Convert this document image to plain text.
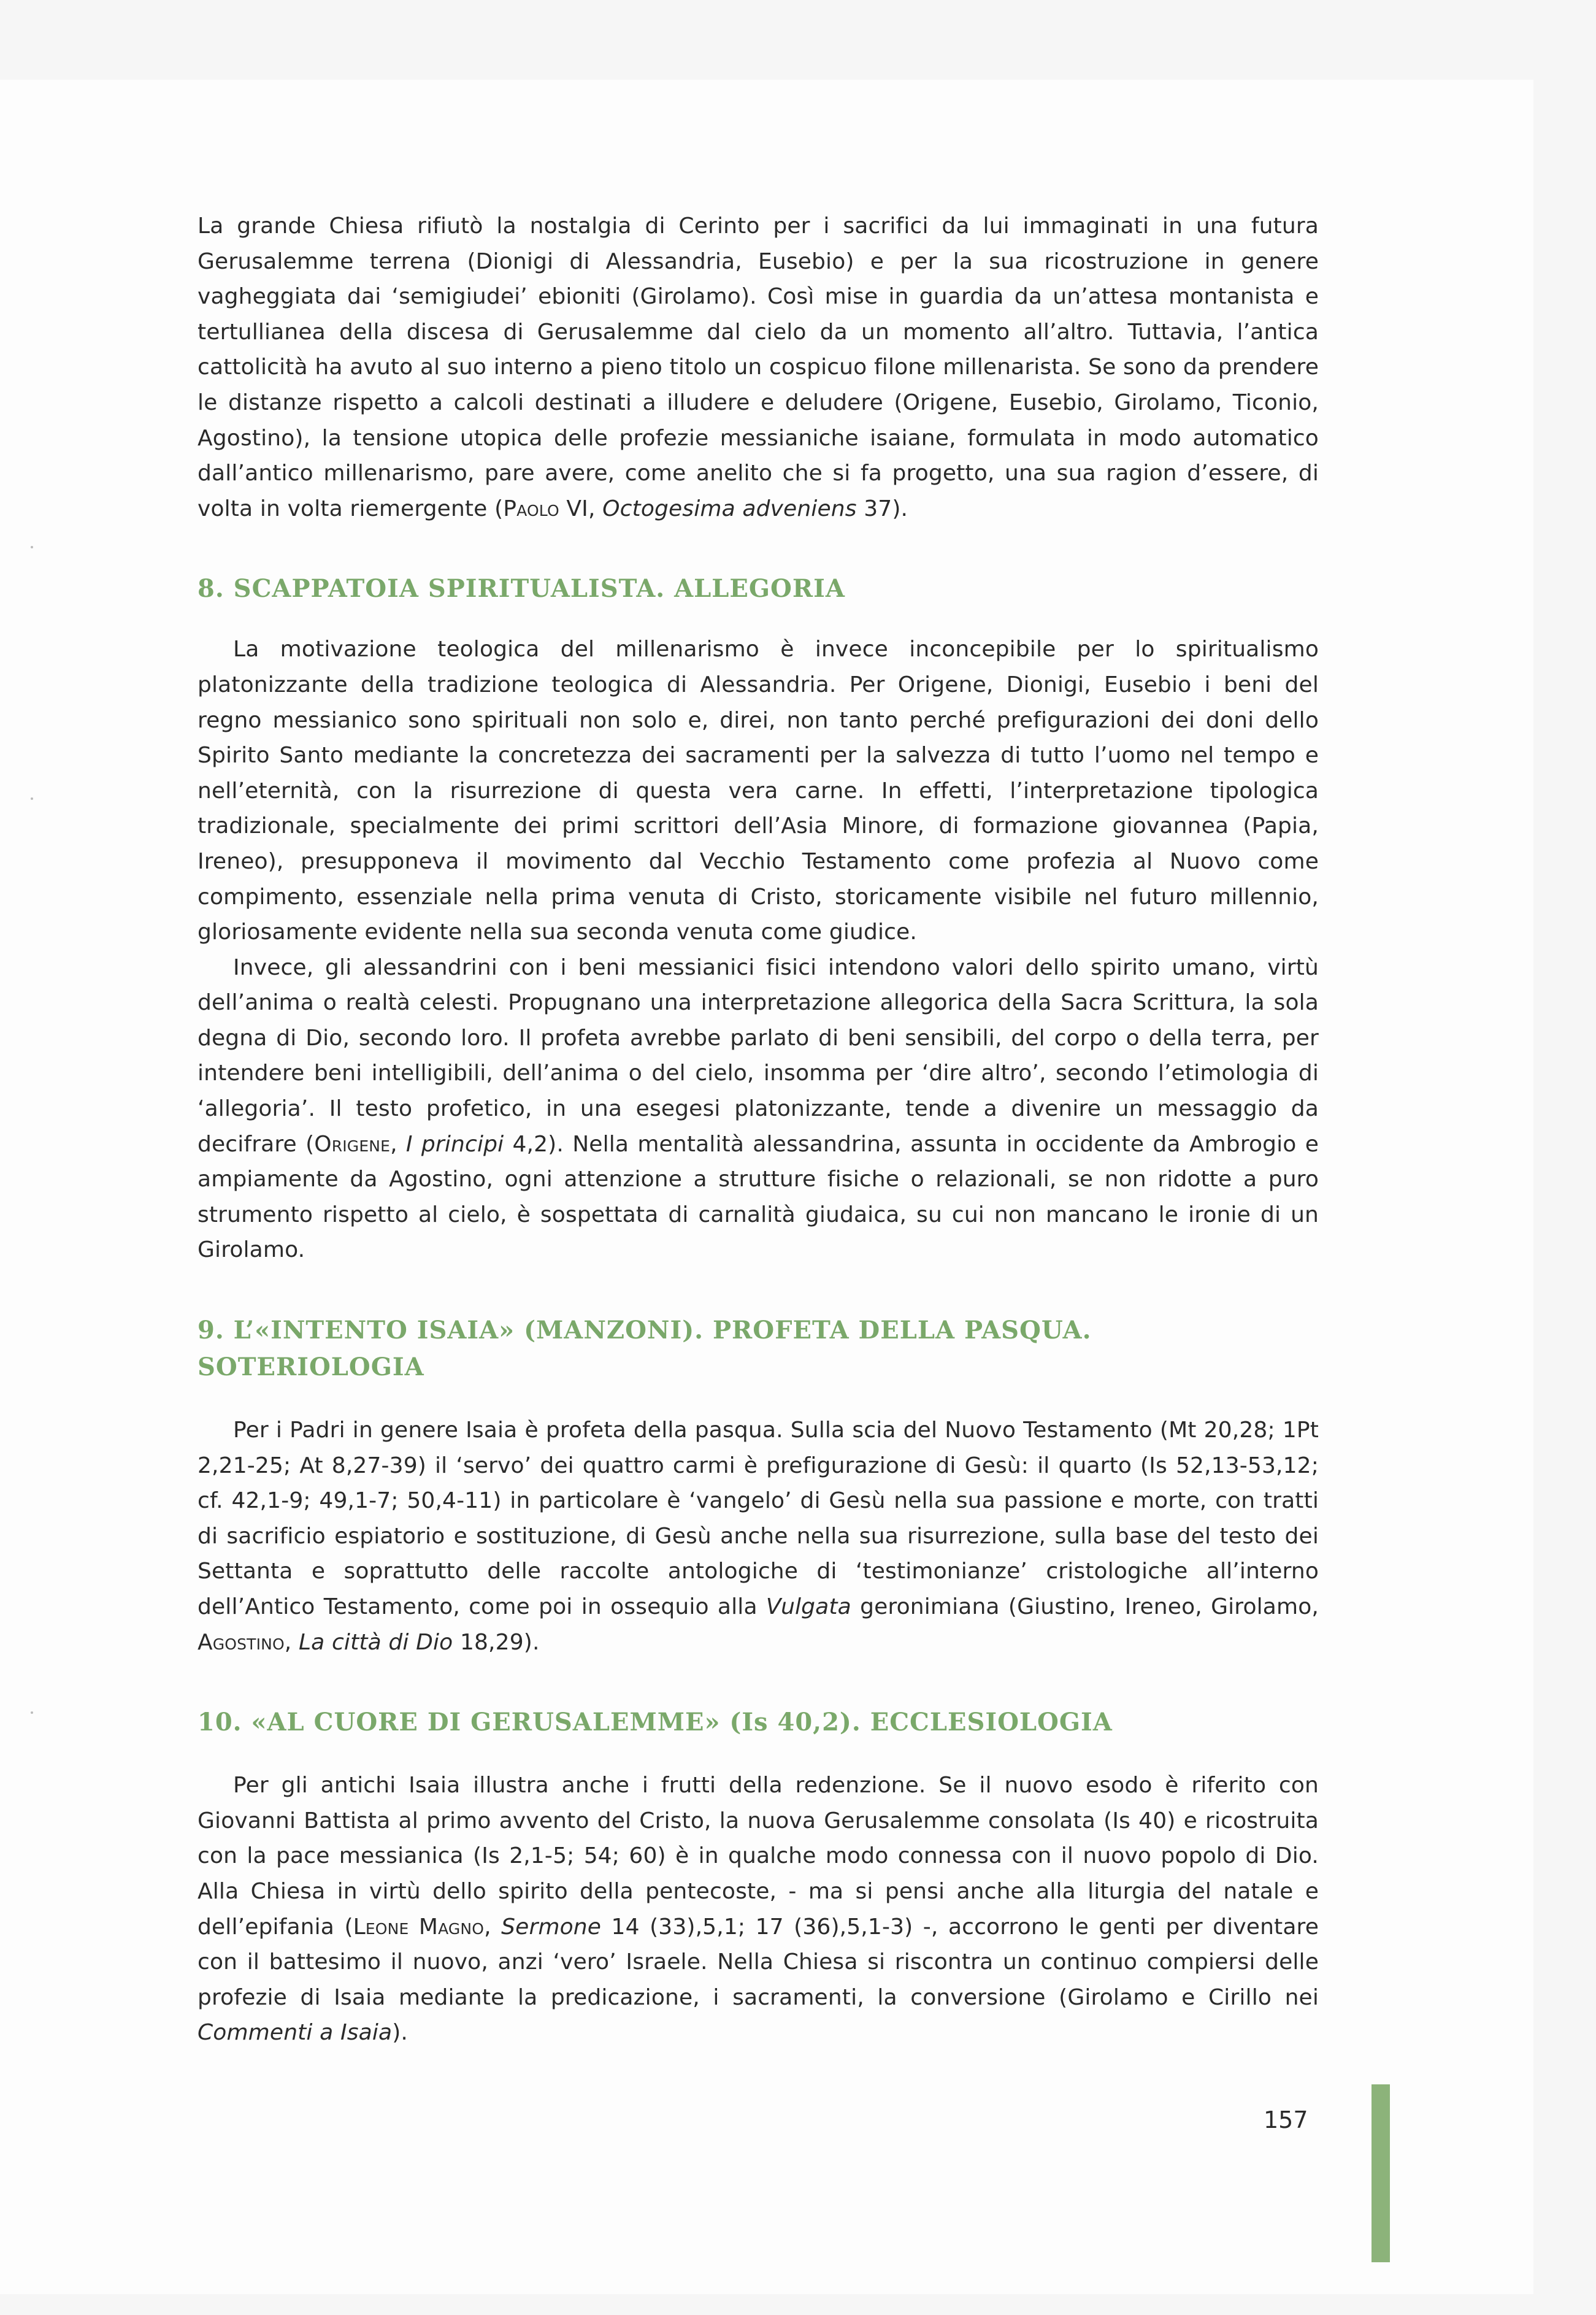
La grande Chiesa rifiutò la nostalgia di Cerinto per i sacrifici da lui immaginati in una futura Gerusalemme terrena (Dionigi di Alessandria, Eusebio) e per la sua ricostruzione in genere vagheggiata dai ‘semigiudei’ ebioniti (Girolamo). Così mise in guardia da un’attesa montanista e tertullianea della discesa di Gerusalemme dal cielo da un momento all’altro. Tuttavia, l’antica cattolicità ha avuto al suo interno a pieno titolo un cospicuo filone millenarista. Se sono da prendere le distanze rispetto a calcoli destinati a illudere e deludere (Origene, Eusebio, Girolamo, Ticonio, Agostino), la tensione utopica delle profezie messianiche isaiane, formulata in modo automatico dall’antico millenarismo, pare avere, come anelito che si fa progetto, una sua ragion d’essere, di volta in volta riemergente (Paolo VI, Octogesima adveniens 37).

8. SCAPPATOIA SPIRITUALISTA. ALLEGORIA

La motivazione teologica del millenarismo è invece inconcepibile per lo spiritualismo platonizzante della tradizione teologica di Alessandria. Per Origene, Dionigi, Eusebio i beni del regno messianico sono spirituali non solo e, direi, non tanto perché prefigurazioni dei doni dello Spirito Santo mediante la concretezza dei sacramenti per la salvezza di tutto l’uomo nel tempo e nell’eternità, con la risurrezione di questa vera carne. In effetti, l’interpretazione tipologica tradizionale, specialmente dei primi scrittori dell’Asia Minore, di formazione giovannea (Papia, Ireneo), presupponeva il movimento dal Vecchio Testamento come profezia al Nuovo come compimento, essenziale nella prima venuta di Cristo, storicamente visibile nel futuro millennio, gloriosamente evidente nella sua seconda venuta come giudice.

Invece, gli alessandrini con i beni messianici fisici intendono valori dello spirito umano, virtù dell’anima o realtà celesti. Propugnano una interpretazione allegorica della Sacra Scrittura, la sola degna di Dio, secondo loro. Il profeta avrebbe parlato di beni sensibili, del corpo o della terra, per intendere beni intelligibili, dell’anima o del cielo, insomma per ‘dire altro’, secondo l’etimologia di ‘allegoria’. Il testo profetico, in una esegesi platonizzante, tende a divenire un messaggio da decifrare (Origene, I principi 4,2). Nella mentalità alessandrina, assunta in occidente da Ambrogio e ampiamente da Agostino, ogni attenzione a strutture fisiche o relazionali, se non ridotte a puro strumento rispetto al cielo, è sospettata di carnalità giudaica, su cui non mancano le ironie di un Girolamo.

9. L’«INTENTO ISAIA» (MANZONI). PROFETA DELLA PASQUA. SOTERIOLOGIA

Per i Padri in genere Isaia è profeta della pasqua. Sulla scia del Nuovo Testamento (Mt 20,28; 1Pt 2,21-25; At 8,27-39) il ‘servo’ dei quattro carmi è prefigurazione di Gesù: il quarto (Is 52,13-53,12; cf. 42,1-9; 49,1-7; 50,4-11) in particolare è ‘vangelo’ di Gesù nella sua passione e morte, con tratti di sacrificio espiatorio e sostituzione, di Gesù anche nella sua risurrezione, sulla base del testo dei Settanta e soprattutto delle raccolte antologiche di ‘testimonianze’ cristologiche all’interno dell’Antico Testamento, come poi in ossequio alla Vulgata geronimiana (Giustino, Ireneo, Girolamo, Agostino, La città di Dio 18,29).

10. «AL CUORE DI GERUSALEMME» (Is 40,2). ECCLESIOLOGIA

Per gli antichi Isaia illustra anche i frutti della redenzione. Se il nuovo esodo è riferito con Giovanni Battista al primo avvento del Cristo, la nuova Gerusalemme consolata (Is 40) e ricostruita con la pace messianica (Is 2,1-5; 54; 60) è in qualche modo connessa con il nuovo popolo di Dio. Alla Chiesa in virtù dello spirito della pentecoste, - ma si pensi anche alla liturgia del natale e dell’epifania (Leone Magno, Sermone 14 (33),5,1; 17 (36),5,1-3) -, accorrono le genti per diventare con il battesimo il nuovo, anzi ‘vero’ Israele. Nella Chiesa si riscontra un continuo compiersi delle profezie di Isaia mediante la predicazione, i sacramenti, la conversione (Girolamo e Cirillo nei Commenti a Isaia).

157
